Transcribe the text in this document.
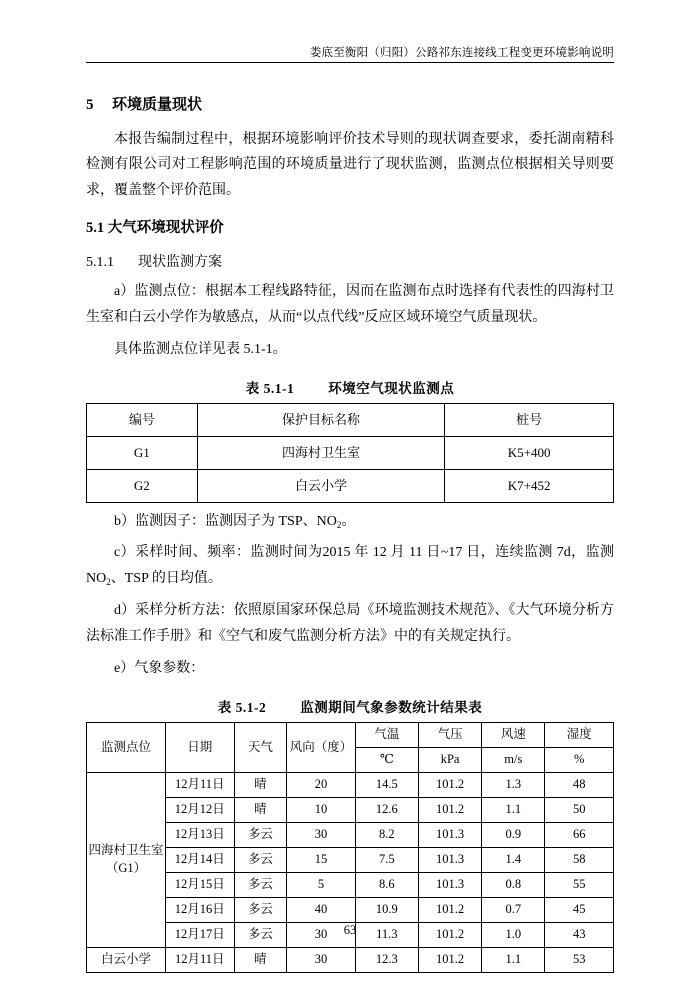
娄底至衡阳（归阳）公路祁东连接线工程变更环境影响说明
5 环境质量现状

本报告编制过程中，根据环境影响评价技术导则的现状调查要求，委托湖南精科检测有限公司对工程影响范围的环境质量进行了现状监测，监测点位根据相关导则要求，覆盖整个评价范围。

5.1 大气环境现状评价
5.1.1 现状监测方案

a）监测点位：根据本工程线路特征，因而在监测布点时选择有代表性的四海村卫生室和白云小学作为敏感点，从而“以点代线”反应区域环境空气质量现状。

具体监测点位详见表 5.1-1。

表 5.1-1	环境空气现状监测点
编号	保护目标名称	桩号
G1	四海村卫生室	K5+400
G2	白云小学	K7+452

b）监测因子：监测因子为 TSP、$NO_2$。

c）采样时间、频率：监测时间为2015 年 12 月 11 日~17 日，连续监测 7d，监测$NO_2$、TSP 的日均值。

d）采样分析方法：依照原国家环保总局《环境监测技术规范》、《大气环境分析方法标准工作手册》和《空气和废气监测分析方法》中的有关规定执行。

e）气象参数：

表 5.1-2	监测期间气象参数统计结果表
监测点位	日期	天气	风向（度）	气温	气压	风速	湿度
				℃	kPa	m/s	%
四海村卫生室（G1）	12月11日	晴	20	14.5	101.2	1.3	48
	12月12日	晴	10	12.6	101.2	1.1	50
	12月13日	多云	30	8.2	101.3	0.9	66
	12月14日	多云	15	7.5	101.3	1.4	58
	12月15日	多云	5	8.6	101.3	0.8	55
	12月16日	多云	40	10.9	101.2	0.7	45
	12月17日	多云	30	11.3	101.2	1.0	43
白云小学	12月11日	晴	30	12.3	101.2	1.1	53
63
